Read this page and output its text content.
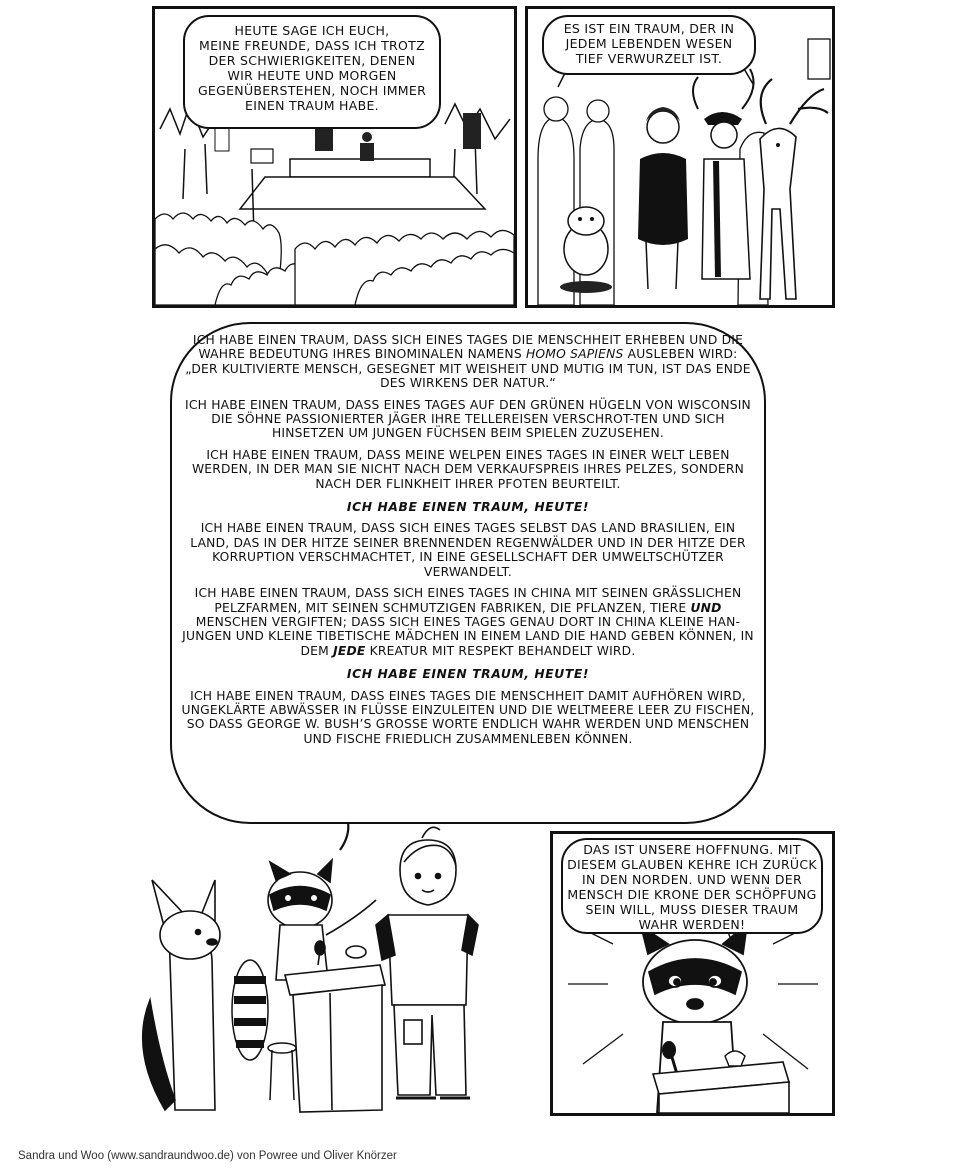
HEUTE SAGE ICH EUCH,
MEINE FREUNDE, DASS ICH TROTZ
DER SCHWIERIGKEITEN, DENEN
WIR HEUTE UND MORGEN
GEGENÜBERSTEHEN, NOCH IMMER
EINEN TRAUM HABE.
ES IST EIN TRAUM, DER IN
JEDEM LEBENDEN WESEN
TIEF VERWURZELT IST.

ICH HABE EINEN TRAUM, DASS SICH EINES TAGES DIE MENSCHHEIT ERHEBEN UND DIE WAHRE BEDEUTUNG IHRES BINOMINALEN NAMENS HOMO SAPIENS AUSLEBEN WIRD:
„DER KULTIVIERTE MENSCH, GESEGNET MIT WEISHEIT UND MUTIG IM TUN, IST DAS ENDE DES WIRKENS DER NATUR.“

ICH HABE EINEN TRAUM, DASS EINES TAGES AUF DEN GRÜNEN HÜGELN VON WISCONSIN DIE SÖHNE PASSIONIERTER JÄGER IHRE TELLEREISEN VERSCHROT-TEN UND SICH HINSETZEN UM JUNGEN FÜCHSEN BEIM SPIELEN ZUZUSEHEN.

ICH HABE EINEN TRAUM, DASS MEINE WELPEN EINES TAGES IN EINER WELT LEBEN WERDEN, IN DER MAN SIE NICHT NACH DEM VERKAUFSPREIS IHRES PELZES, SONDERN NACH DER FLINKHEIT IHRER PFOTEN BEURTEILT.

ICH HABE EINEN TRAUM, HEUTE!

ICH HABE EINEN TRAUM, DASS SICH EINES TAGES SELBST DAS LAND BRASILIEN, EIN LAND, DAS IN DER HITZE SEINER BRENNENDEN REGENWÄLDER UND IN DER HITZE DER KORRUPTION VERSCHMACHTET, IN EINE GESELLSCHAFT DER UMWELTSCHÜTZER VERWANDELT.

ICH HABE EINEN TRAUM, DASS SICH EINES TAGES IN CHINA MIT SEINEN GRÄSSLICHEN PELZFARMEN, MIT SEINEN SCHMUTZIGEN FABRIKEN, DIE PFLANZEN, TIERE UND MENSCHEN VERGIFTEN; DASS SICH EINES TAGES GENAU DORT IN CHINA KLEINE HAN-JUNGEN UND KLEINE TIBETISCHE MÄDCHEN IN EINEM LAND DIE HAND GEBEN KÖNNEN, IN DEM JEDE KREATUR MIT RESPEKT BEHANDELT WIRD.

ICH HABE EINEN TRAUM, HEUTE!

ICH HABE EINEN TRAUM, DASS EINES TAGES DIE MENSCHHEIT DAMIT AUFHÖREN WIRD, UNGEKLÄRTE ABWÄSSER IN FLÜSSE EINZULEITEN UND DIE WELTMEERE LEER ZU FISCHEN, SO DASS GEORGE W. BUSH’S GROSSE WORTE ENDLICH WAHR WERDEN UND MENSCHEN UND FISCHE FRIEDLICH ZUSAMMENLEBEN KÖNNEN.

DAS IST UNSERE HOFFNUNG. MIT
DIESEM GLAUBEN KEHRE ICH ZURÜCK
IN DEN NORDEN. UND WENN DER
MENSCH DIE KRONE DER SCHÖPFUNG
SEIN WILL, MUSS DIESER TRAUM
WAHR WERDEN!
Sandra und Woo (www.sandraundwoo.de) von Powree und Oliver Knörzer
